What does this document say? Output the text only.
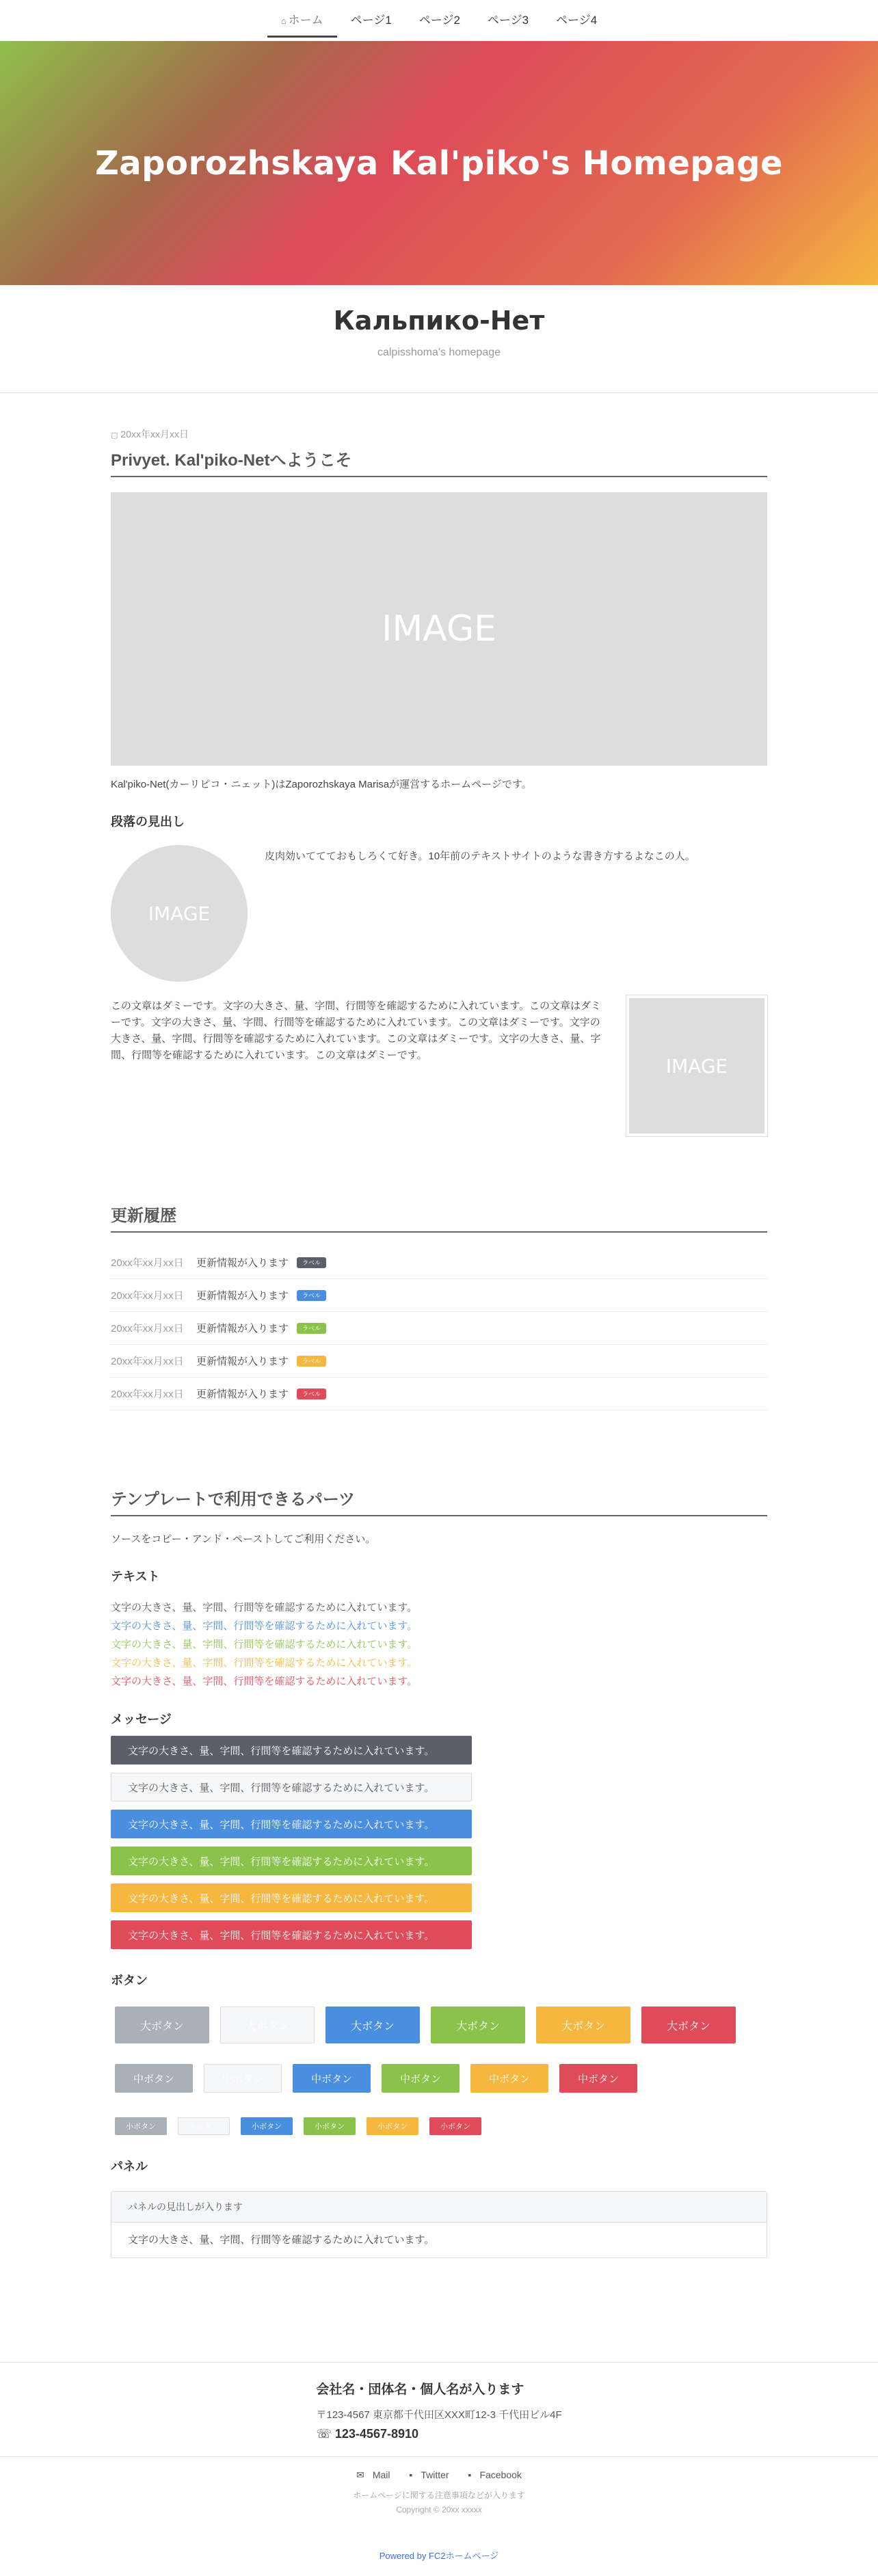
⌂ ホーム	ページ1	ページ2	ページ3	ページ4
Zaporozhskaya Kal'piko's Homepage
Кальпико-Нет
calpisshoma's homepage
▢ 20xx年xx月xx日
Privyet. Kal'piko-Netへようこそ
IMAGE

Kal'piko-Net(カーリピコ・ニェット)はZaporozhskaya Marisaが運営するホームページです。

段落の見出し
IMAGE
皮肉効いててておもしろくて好き。10年前のテキストサイトのような書き方するよなこの人。

この文章はダミーです。文字の大きさ、量、字間、行間等を確認するために入れています。この文章はダミーです。文字の大きさ、量、字間、行間等を確認するために入れています。この文章はダミーです。文字の大きさ、量、字間、行間等を確認するために入れています。この文章はダミーです。文字の大きさ、量、字間、行間等を確認するために入れています。この文章はダミーです。	IMAGE
更新履歴
20xx年xx月xx日	更新情報が入ります	ラベル
20xx年xx月xx日	更新情報が入ります	ラベル
20xx年xx月xx日	更新情報が入ります	ラベル
20xx年xx月xx日	更新情報が入ります	ラベル
20xx年xx月xx日	更新情報が入ります	ラベル
テンプレートで利用できるパーツ

ソースをコピー・アンド・ペーストしてご利用ください。

テキスト
文字の大きさ、量、字間、行間等を確認するために入れています。
文字の大きさ、量、字間、行間等を確認するために入れています。
文字の大きさ、量、字間、行間等を確認するために入れています。
文字の大きさ、量、字間、行間等を確認するために入れています。
文字の大きさ、量、字間、行間等を確認するために入れています。
メッセージ
文字の大きさ、量、字間、行間等を確認するために入れています。
文字の大きさ、量、字間、行間等を確認するために入れています。
文字の大きさ、量、字間、行間等を確認するために入れています。
文字の大きさ、量、字間、行間等を確認するために入れています。
文字の大きさ、量、字間、行間等を確認するために入れています。
文字の大きさ、量、字間、行間等を確認するために入れています。
ボタン
大ボタン	大ボタン	大ボタン	大ボタン	大ボタン	大ボタン
中ボタン	中ボタン	中ボタン	中ボタン	中ボタン	中ボタン
小ボタン	小ボタン	小ボタン	小ボタン	小ボタン	小ボタン
パネル
パネルの見出しが入ります
文字の大きさ、量、字間、行間等を確認するために入れています。
会社名・団体名・個人名が入ります
〒123-4567 東京都千代田区XXX町12-3 千代田ビル4F
☏ 123-4567-8910
✉ Mail ▪ Twitter ▪ Facebook
ホームページに関する注意事項などが入ります
Copyright © 20xx xxxxx
Powered by FC2ホームページ
